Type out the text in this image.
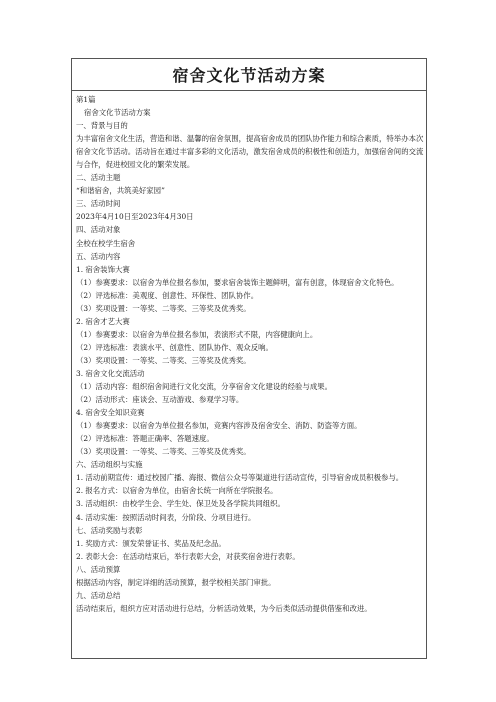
宿舍文化节活动方案

第1篇

宿舍文化节活动方案

一、背景与目的

为丰富宿舍文化生活，营造和谐、温馨的宿舍氛围，提高宿舍成员的团队协作能力和综合素质，特举办本次宿舍文化节活动。活动旨在通过丰富多彩的文化活动，激发宿舍成员的积极性和创造力，加强宿舍间的交流与合作，促进校园文化的繁荣发展。

二、活动主题

“和谐宿舍，共筑美好家园”

三、活动时间

2023年4月10日至2023年4月30日

四、活动对象

全校在校学生宿舍

五、活动内容

1. 宿舍装饰大赛

（1）参赛要求：以宿舍为单位报名参加，要求宿舍装饰主题鲜明，富有创意，体现宿舍文化特色。

（2）评选标准：美观度、创意性、环保性、团队协作。

（3）奖项设置：一等奖、二等奖、三等奖及优秀奖。

2. 宿舍才艺大赛

（1）参赛要求：以宿舍为单位报名参加，表演形式不限，内容健康向上。

（2）评选标准：表演水平、创意性、团队协作、观众反响。

（3）奖项设置：一等奖、二等奖、三等奖及优秀奖。

3. 宿舍文化交流活动

（1）活动内容：组织宿舍间进行文化交流，分享宿舍文化建设的经验与成果。

（2）活动形式：座谈会、互动游戏、参观学习等。

4. 宿舍安全知识竞赛

（1）参赛要求：以宿舍为单位报名参加，竞赛内容涉及宿舍安全、消防、防盗等方面。

（2）评选标准：答题正确率、答题速度。

（3）奖项设置：一等奖、二等奖、三等奖及优秀奖。

六、活动组织与实施

1. 活动前期宣传：通过校园广播、海报、微信公众号等渠道进行活动宣传，引导宿舍成员积极参与。

2. 报名方式：以宿舍为单位，由宿舍长统一向所在学院报名。

3. 活动组织：由校学生会、学生处、保卫处及各学院共同组织。

4. 活动实施：按照活动时间表，分阶段、分项目进行。

七、活动奖励与表彰

1. 奖励方式：颁发荣誉证书、奖品及纪念品。

2. 表彰大会：在活动结束后，举行表彰大会，对获奖宿舍进行表彰。

八、活动预算

根据活动内容，制定详细的活动预算，报学校相关部门审批。

九、活动总结

活动结束后，组织方应对活动进行总结，分析活动效果，为今后类似活动提供借鉴和改进。
